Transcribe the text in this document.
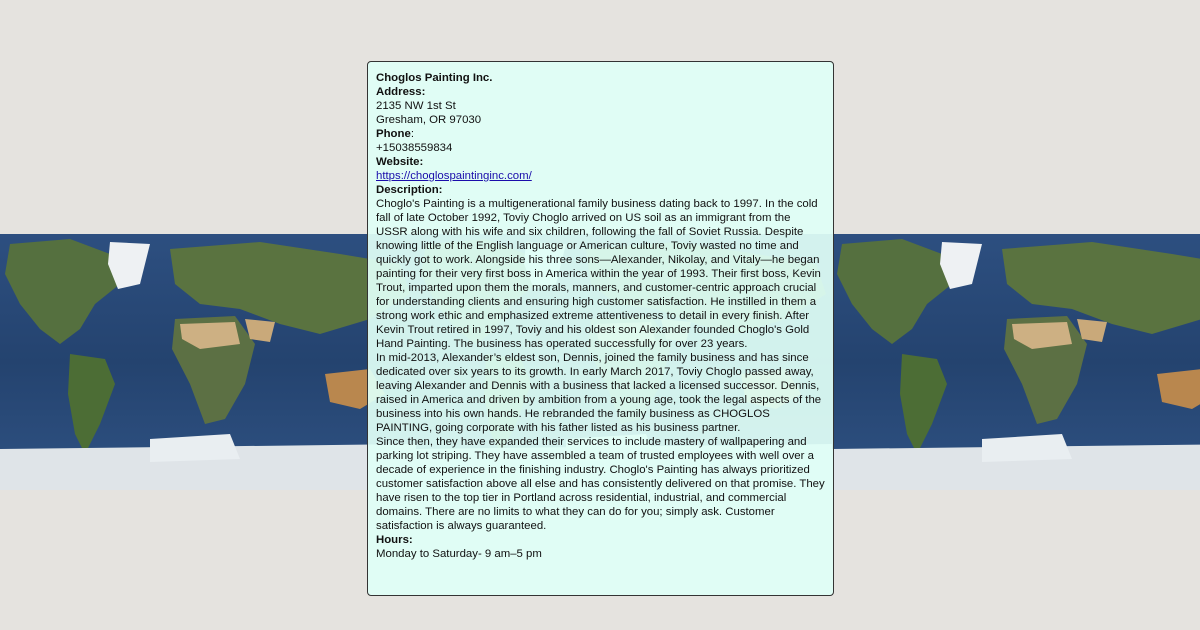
Choglos Painting Inc.

Address:

2135 NW 1st St

Gresham, OR 97030

Phone:

+15038559834

Website:

https://choglospaintinginc.com/

Description:

Choglo's Painting is a multigenerational family business dating back to 1997. In the cold fall of late October 1992, Toviy Choglo arrived on US soil as an immigrant from the USSR along with his wife and six children, following the fall of Soviet Russia. Despite knowing little of the English language or American culture, Toviy wasted no time and quickly got to work. Alongside his three sons—Alexander, Nikolay, and Vitaly—he began painting for their very first boss in America within the year of 1993. Their first boss, Kevin Trout, imparted upon them the morals, manners, and customer-centric approach crucial for understanding clients and ensuring high customer satisfaction. He instilled in them a strong work ethic and emphasized extreme attentiveness to detail in every finish. After Kevin Trout retired in 1997, Toviy and his oldest son Alexander founded Choglo's Gold Hand Painting. The business has operated successfully for over 23 years.

In mid-2013, Alexander’s eldest son, Dennis, joined the family business and has since dedicated over six years to its growth. In early March 2017, Toviy Choglo passed away, leaving Alexander and Dennis with a business that lacked a licensed successor. Dennis, raised in America and driven by ambition from a young age, took the legal aspects of the business into his own hands. He rebranded the family business as CHOGLOS PAINTING, going corporate with his father listed as his business partner.

Since then, they have expanded their services to include mastery of wallpapering and parking lot striping. They have assembled a team of trusted employees with well over a decade of experience in the finishing industry. Choglo's Painting has always prioritized customer satisfaction above all else and has consistently delivered on that promise. They have risen to the top tier in Portland across residential, industrial, and commercial domains. There are no limits to what they can do for you; simply ask. Customer satisfaction is always guaranteed.

Hours:

Monday to Saturday- 9 am–5 pm
